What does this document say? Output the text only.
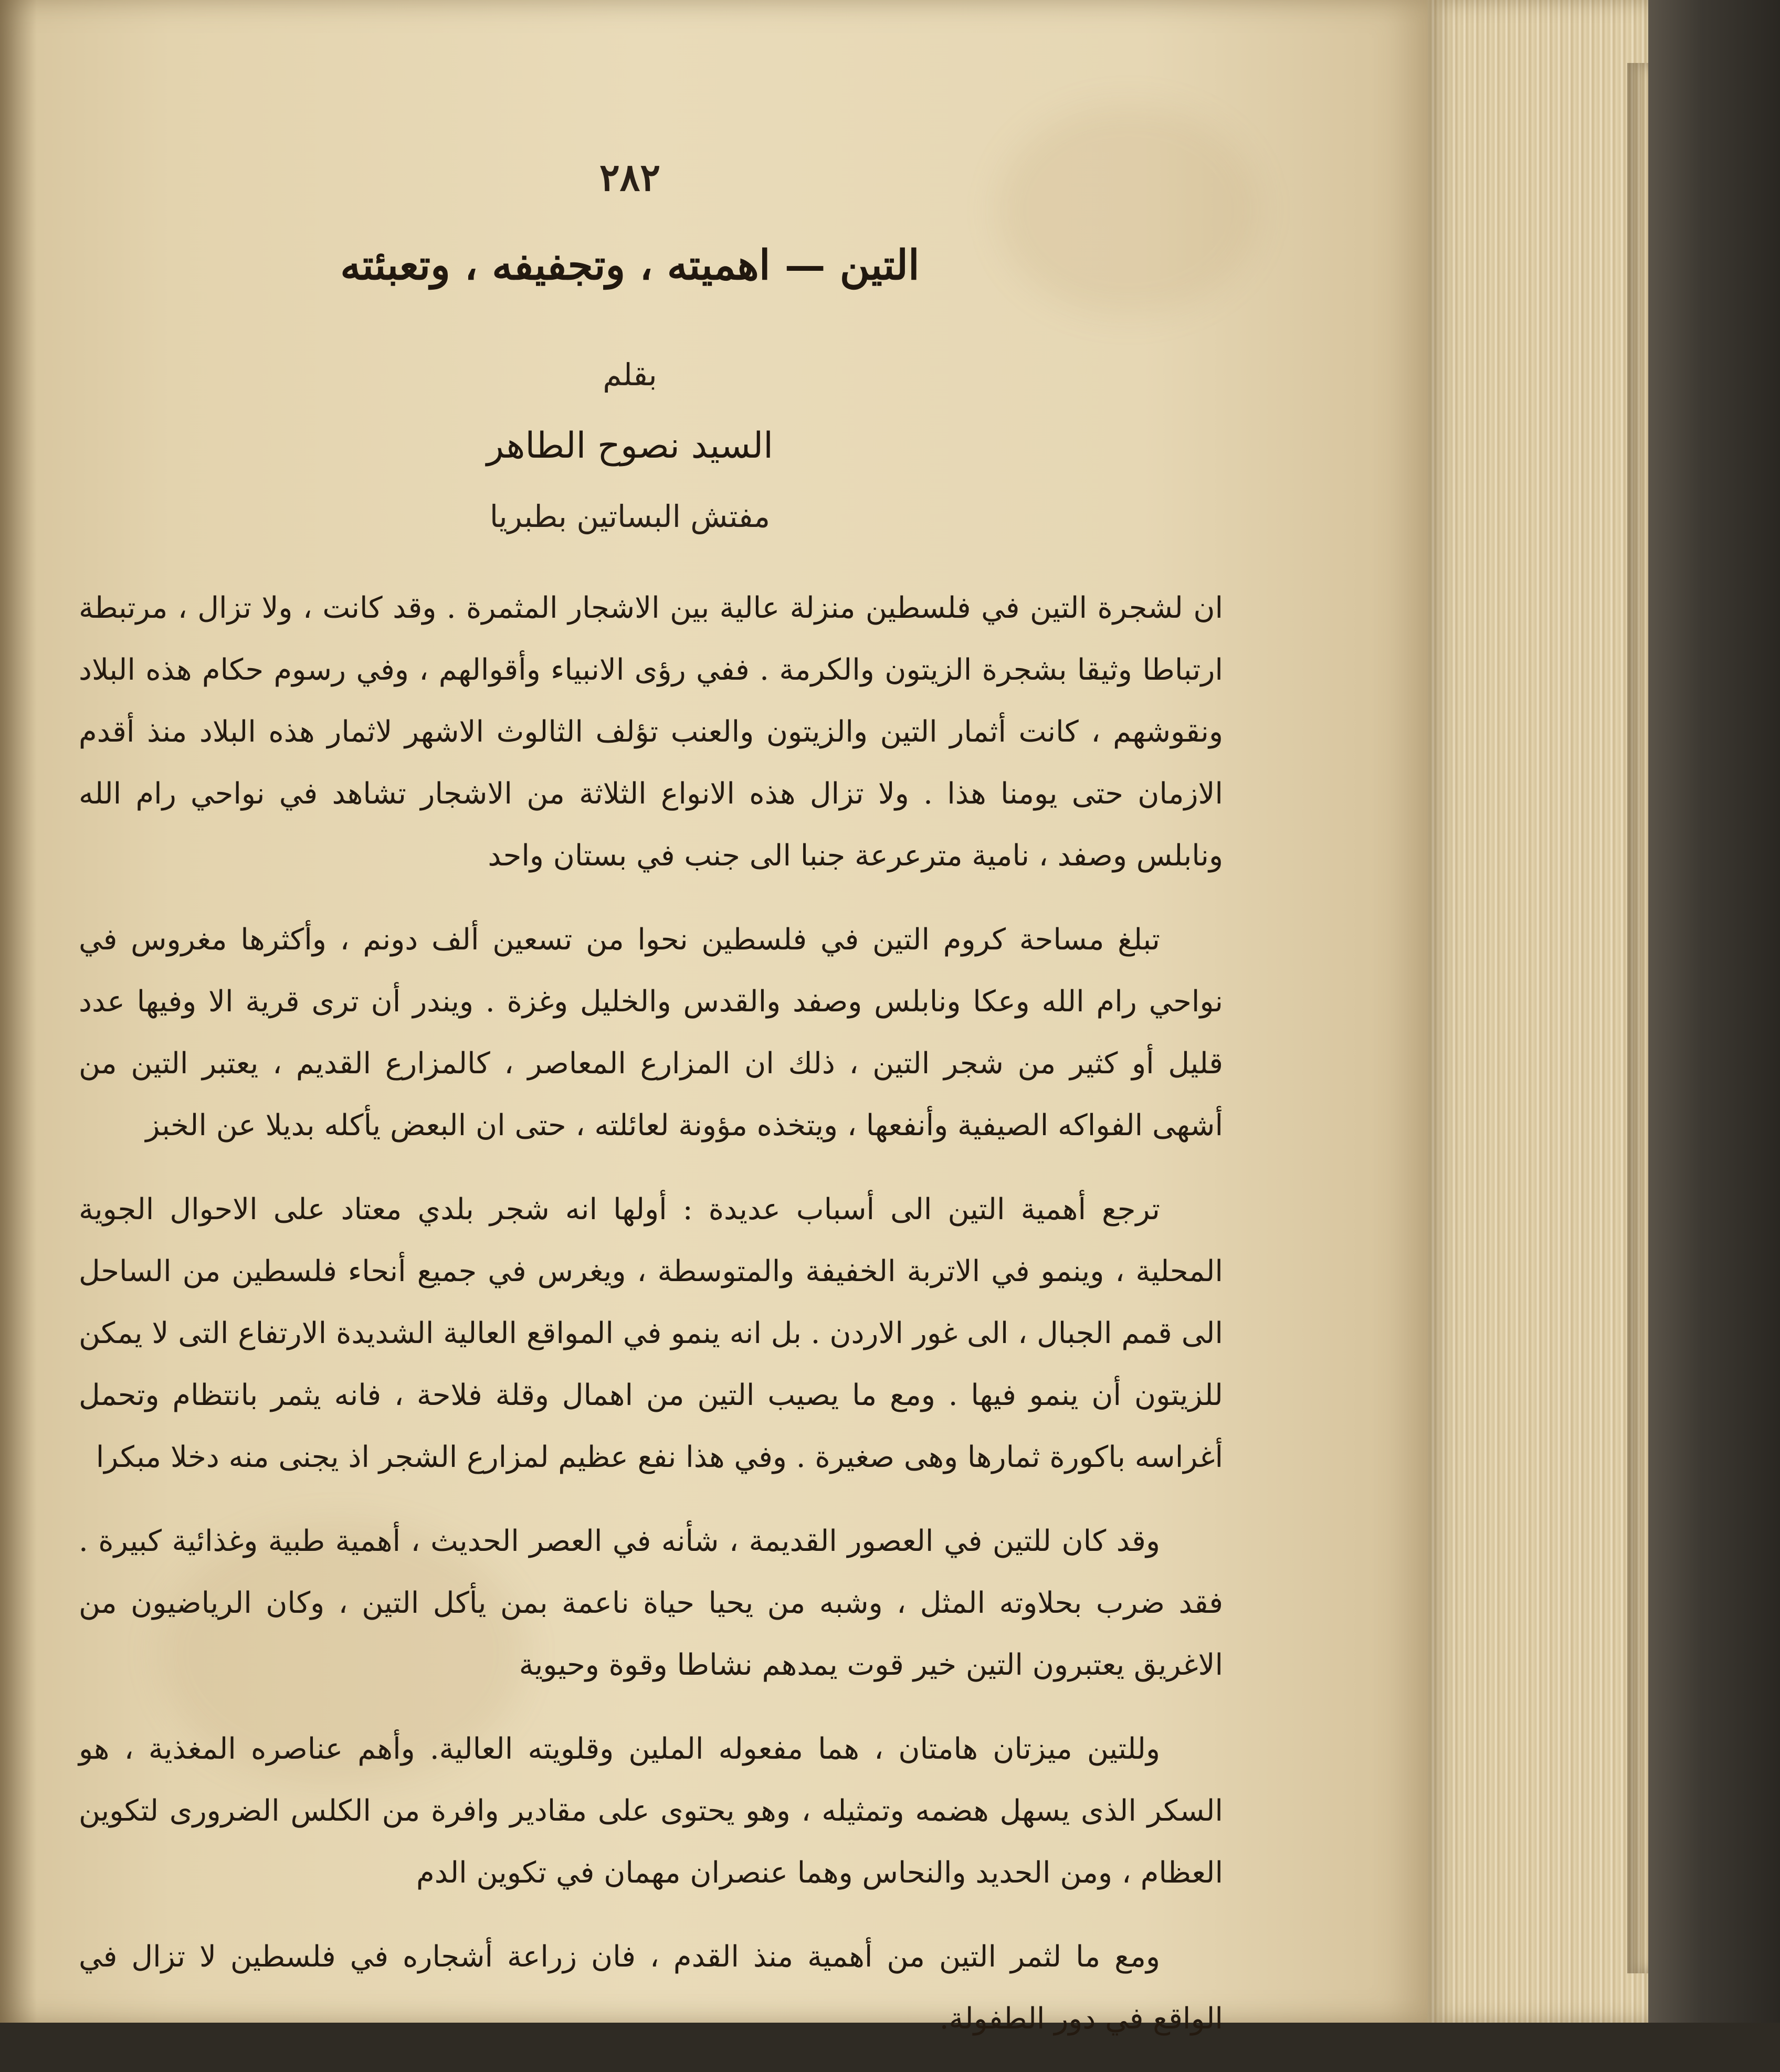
٢٨٢
التين — اهميته ، وتجفيفه ، وتعبئته
بقلم
السيد نصوح الطاهر
مفتش البساتين بطبريا

ان لشجرة التين في فلسطين منزلة عالية بين الاشجار المثمرة . وقد كانت ، ولا تزال ، مرتبطة ارتباطا وثيقا بشجرة الزيتون والكرمة . ففي رؤى الانبياء وأقوالهم ، وفي رسوم حكام هذه البلاد ونقوشهم ، كانت أثمار التين والزيتون والعنب تؤلف الثالوث الاشهر لاثمار هذه البلاد منذ أقدم الازمان حتى يومنا هذا . ولا تزال هذه الانواع الثلاثة من الاشجار تشاهد في نواحي رام الله ونابلس وصفد ، نامية مترعرعة جنبا الى جنب في بستان واحد

تبلغ مساحة كروم التين في فلسطين نحوا من تسعين ألف دونم ، وأكثرها مغروس في نواحي رام الله وعكا ونابلس وصفد والقدس والخليل وغزة . ويندر أن ترى قرية الا وفيها عدد قليل أو كثير من شجر التين ، ذلك ان المزارع المعاصر ، كالمزارع القديم ، يعتبر التين من أشهى الفواكه الصيفية وأنفعها ، ويتخذه مؤونة لعائلته ، حتى ان البعض يأكله بديلا عن الخبز

ترجع أهمية التين الى أسباب عديدة : أولها انه شجر بلدي معتاد على الاحوال الجوية المحلية ، وينمو في الاتربة الخفيفة والمتوسطة ، ويغرس في جميع أنحاء فلسطين من الساحل الى قمم الجبال ، الى غور الاردن . بل انه ينمو في المواقع العالية الشديدة الارتفاع التى لا يمكن للزيتون أن ينمو فيها . ومع ما يصيب التين من اهمال وقلة فلاحة ، فانه يثمر بانتظام وتحمل أغراسه باكورة ثمارها وهى صغيرة . وفي هذا نفع عظيم لمزارع الشجر اذ يجنى منه دخلا مبكرا

وقد كان للتين في العصور القديمة ، شأنه في العصر الحديث ، أهمية طبية وغذائية كبيرة . فقد ضرب بحلاوته المثل ، وشبه من يحيا حياة ناعمة بمن يأكل التين ، وكان الرياضيون من الاغريق يعتبرون التين خير قوت يمدهم نشاطا وقوة وحيوية

وللتين ميزتان هامتان ، هما مفعوله الملين وقلويته العالية. وأهم عناصره المغذية ، هو السكر الذى يسهل هضمه وتمثيله ، وهو يحتوى على مقادير وافرة من الكلس الضرورى لتكوين العظام ، ومن الحديد والنحاس وهما عنصران مهمان في تكوين الدم

ومع ما لثمر التين من أهمية منذ القدم ، فان زراعة أشجاره في فلسطين لا تزال في الواقع في دور الطفولة.
